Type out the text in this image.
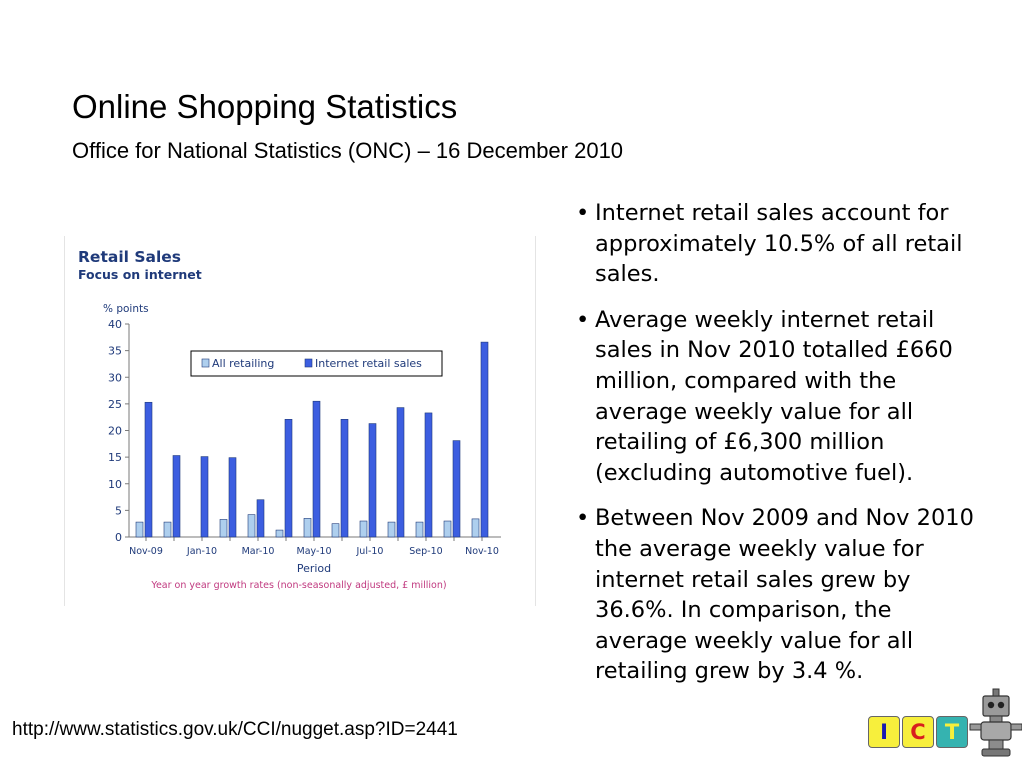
Online Shopping Statistics
Office for National Statistics (ONC) – 16 December 2010
Retail Sales
Focus on internet
% points
0
5
10
15
20
25
30
35
40
Nov-09	Jan-10	Mar-10 May-10	Jul-10	Sep-10 Nov-10
All retailing	Internet retail sales
Period
Year on year growth rates (non-seasonally adjusted, £ million)
• Internet retail sales account for approximately 10.5% of all retail sales.
• Average weekly internet retail sales in Nov 2010 totalled £660 million, compared with the average weekly value for all retailing of £6,300 million (excluding automotive fuel).
• Between Nov 2009 and Nov 2010 the average weekly value for internet retail sales grew by 36.6%. In comparison, the average weekly value for all retailing grew by 3.4 %.
http://www.statistics.gov.uk/CCI/nugget.asp?ID=2441	I	C T
